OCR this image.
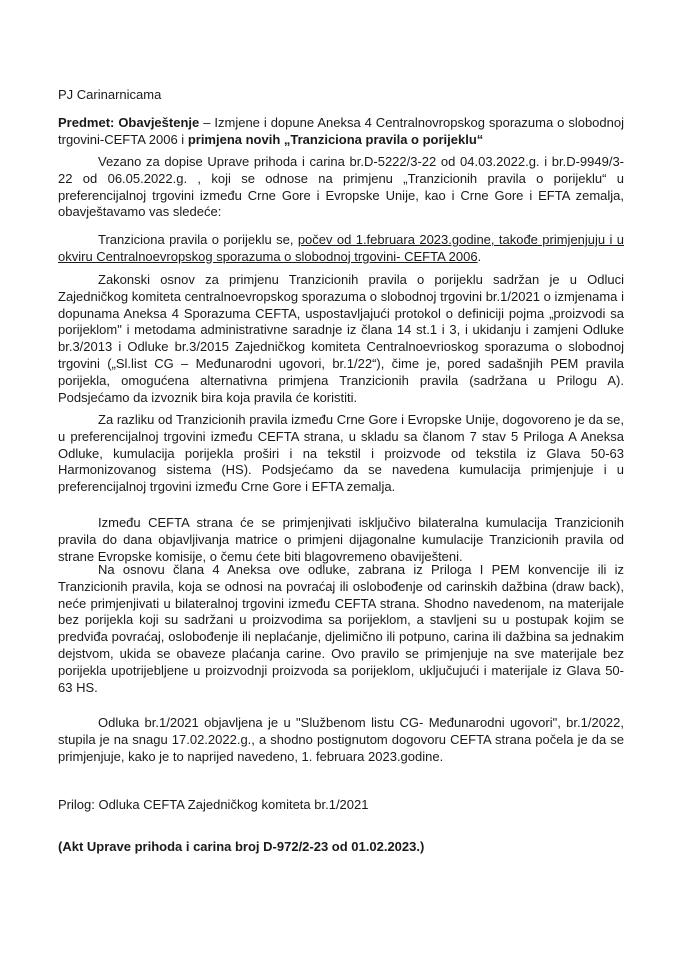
PJ Carinarnicama

Predmet: Obavještenje – Izmjene i dopune Aneksa 4 Centralnovropskog sporazuma o slobodnoj trgovini-CEFTA 2006 i primjena novih „Tranziciona pravila o porijeklu“

Vezano za dopise Uprave prihoda i carina br.D-5222/3-22 od 04.03.2022.g. i br.D-9949/3-22 od 06.05.2022.g. , koji se odnose na primjenu „Tranzicionih pravila o porijeklu“ u preferencijalnoj trgovini između Crne Gore i Evropske Unije, kao i Crne Gore i EFTA zemalja, obavještavamo vas sledeće:

Tranziciona pravila o porijeklu se, počev od 1.februara 2023.godine, takođe primjenjuju i u okviru Centralnoevropskog sporazuma o slobodnoj trgovini- CEFTA 2006.

Zakonski osnov za primjenu Tranzicionih pravila o porijeklu sadržan je u Odluci Zajedničkog komiteta centralnoevropskog sporazuma o slobodnoj trgovini br.1/2021 o izmjenama i dopunama Aneksa 4 Sporazuma CEFTA, uspostavljajući protokol o definiciji pojma „proizvodi sa porijeklom" i metodama administrativne saradnje iz člana 14 st.1 i 3, i ukidanju i zamjeni Odluke br.3/2013 i Odluke br.3/2015 Zajedničkog komiteta Centralnoevrioskog sporazuma o slobodnoj trgovini („Sl.list CG – Međunarodni ugovori, br.1/22“), čime je, pored sadašnjih PEM pravila porijekla, omogućena alternativna primjena Tranzicionih pravila (sadržana u Prilogu A). Podsjećamo da izvoznik bira koja pravila će koristiti.

Za razliku od Tranzicionih pravila između Crne Gore i Evropske Unije, dogovoreno je da se, u preferencijalnoj trgovini između CEFTA strana, u skladu sa članom 7 stav 5 Priloga A Aneksa Odluke, kumulacija porijekla proširi i na tekstil i proizvode od tekstila iz Glava 50-63 Harmonizovanog sistema (HS). Podsjećamo da se navedena kumulacija primjenjuje i u preferencijalnoj trgovini između Crne Gore i EFTA zemalja.

Između CEFTA strana će se primjenjivati isključivo bilateralna kumulacija Tranzicionih pravila do dana objavljivanja matrice o primjeni dijagonalne kumulacije Tranzicionih pravila od strane Evropske komisije, o čemu ćete biti blagovremeno obaviješteni.

Na osnovu člana 4 Aneksa ove odluke, zabrana iz Priloga I PEM konvencije ili iz Tranzicionih pravila, koja se odnosi na povraćaj ili oslobođenje od carinskih dažbina (draw back), neće primjenjivati u bilateralnoj trgovini između CEFTA strana. Shodno navedenom, na materijale bez porijekla koji su sadržani u proizvodima sa porijeklom, a stavljeni su u postupak kojim se predviđa povraćaj, oslobođenje ili neplaćanje, djelimično ili potpuno, carina ili dažbina sa jednakim dejstvom, ukida se obaveze plaćanja carine. Ovo pravilo se primjenjuje na sve materijale bez porijekla upotrijebljene u proizvodnji proizvoda sa porijeklom, uključujući i materijale iz Glava 50-63 HS.

Odluka br.1/2021 objavljena je u "Službenom listu CG- Međunarodni ugovori", br.1/2022, stupila je na snagu 17.02.2022.g., a shodno postignutom dogovoru CEFTA strana počela je da se primjenjuje, kako je to naprijed navedeno, 1. februara 2023.godine.

Prilog: Odluka CEFTA Zajedničkog komiteta br.1/2021

(Akt Uprave prihoda i carina broj D-972/2-23 od 01.02.2023.)
